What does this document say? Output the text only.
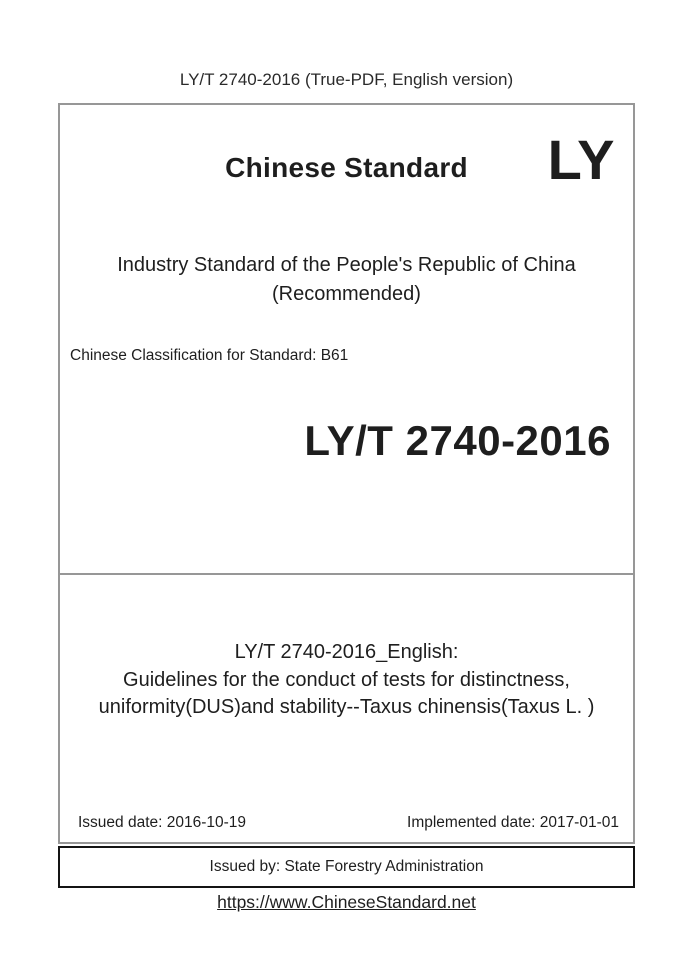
LY/T 2740-2016 (True-PDF, English version)
Chinese Standard	LY
Industry Standard of the People's Republic of China
(Recommended)
Chinese Classification for Standard: B61
LY/T 2740-2016
LY/T 2740-2016_English:
Guidelines for the conduct of tests for distinctness,
uniformity(DUS)and stability--Taxus chinensis(Taxus L. )
Issued date: 2016-10-19	Implemented date: 2017-01-01
Issued by: State Forestry Administration
https://www.ChineseStandard.net
